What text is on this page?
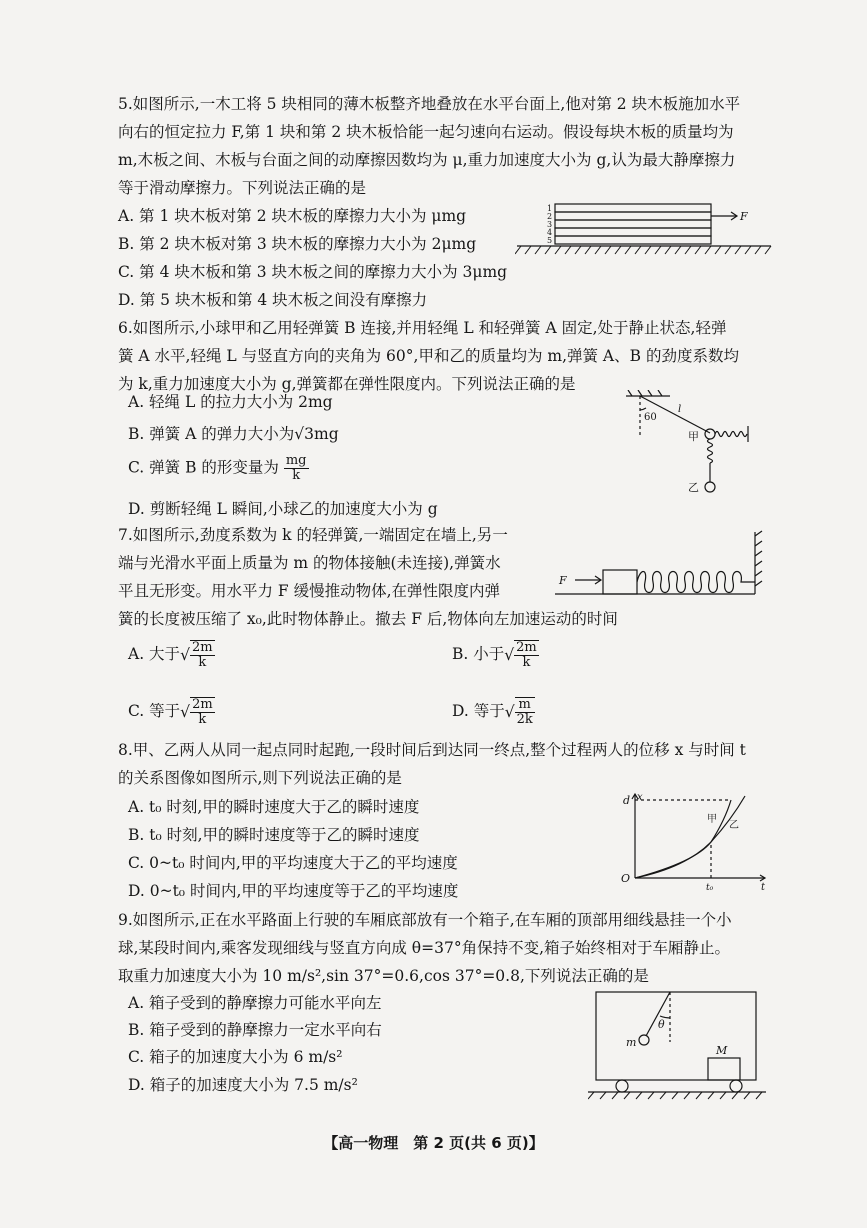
5.如图所示,一木工将 5 块相同的薄木板整齐地叠放在水平台面上,他对第 2 块木板施加水平
向右的恒定拉力 F,第 1 块和第 2 块木板恰能一起匀速向右运动。假设每块木板的质量均为
m,木板之间、木板与台面之间的动摩擦因数均为 μ,重力加速度大小为 g,认为最大静摩擦力
等于滑动摩擦力。下列说法正确的是
A. 第 1 块木板对第 2 块木板的摩擦力大小为 μmg
B. 第 2 块木板对第 3 块木板的摩擦力大小为 2μmg
C. 第 4 块木板和第 3 块木板之间的摩擦力大小为 3μmg
D. 第 5 块木板和第 4 块木板之间没有摩擦力
1
2
3
4
5
F
6.如图所示,小球甲和乙用轻弹簧 B 连接,并用轻绳 L 和轻弹簧 A 固定,处于静止状态,轻弹
簧 A 水平,轻绳 L 与竖直方向的夹角为 60°,甲和乙的质量均为 m,弹簧 A、B 的劲度系数均
为 k,重力加速度大小为 g,弹簧都在弹性限度内。下列说法正确的是
A. 轻绳 L 的拉力大小为 2mg
B. 弹簧 A 的弹力大小为√3mg
C. 弹簧 B 的形变量为 $\frac{mg}{k}$
D. 剪断轻绳 L 瞬间,小球乙的加速度大小为 g
60
l
甲
乙
7.如图所示,劲度系数为 k 的轻弹簧,一端固定在墙上,另一
端与光滑水平面上质量为 m 的物体接触(未连接),弹簧水
平且无形变。用水平力 F 缓慢推动物体,在弹性限度内弹
簧的长度被压缩了 x₀,此时物体静止。撤去 F 后,物体向左加速运动的时间
A. 大于√ $\frac{2m}{k}$	B. 小于√ $\frac{2m}{k}$
C. 等于√ $\frac{2m}{k}$	D. 等于√ $\frac{m}{2k}$
F
8.甲、乙两人从同一起点同时起跑,一段时间后到达同一终点,整个过程两人的位移 x 与时间 t
的关系图像如图所示,则下列说法正确的是
A. t₀ 时刻,甲的瞬时速度大于乙的瞬时速度
B. t₀ 时刻,甲的瞬时速度等于乙的瞬时速度
C. 0~t₀ 时间内,甲的平均速度大于乙的平均速度
D. 0~t₀ 时间内,甲的平均速度等于乙的平均速度
x
t
d
t₀
O
甲
乙
9.如图所示,正在水平路面上行驶的车厢底部放有一个箱子,在车厢的顶部用细线悬挂一个小
球,某段时间内,乘客发现细线与竖直方向成 θ=37°角保持不变,箱子始终相对于车厢静止。
取重力加速度大小为 10 m/s²,sin 37°=0.6,cos 37°=0.8,下列说法正确的是
A. 箱子受到的静摩擦力可能水平向左
B. 箱子受到的静摩擦力一定水平向右
C. 箱子的加速度大小为 6 m/s²
D. 箱子的加速度大小为 7.5 m/s²
θ
m
M
【高一物理　第 2 页(共 6 页)】
